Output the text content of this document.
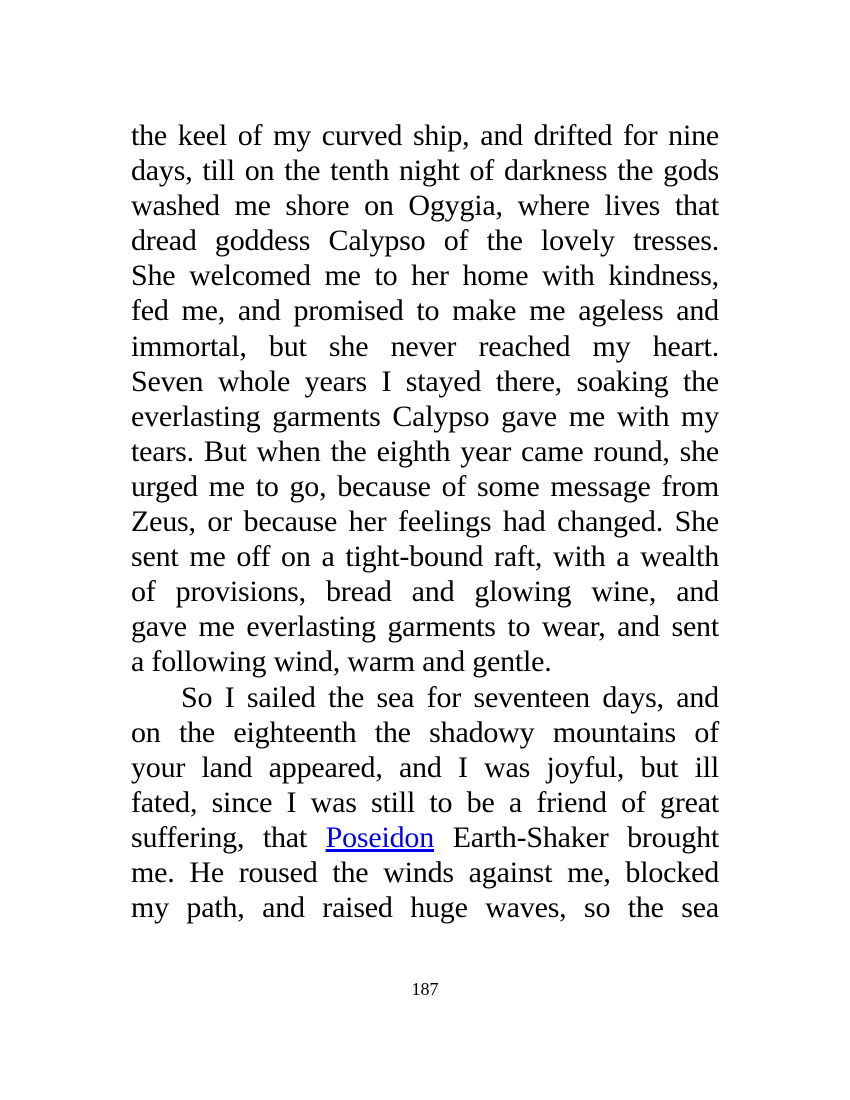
the keel of my curved ship, and drifted for nine
days, till on the tenth night of darkness the gods
washed me shore on Ogygia, where lives that
dread goddess Calypso of the lovely tresses.
She welcomed me to her home with kindness,
fed me, and promised to make me ageless and
immortal, but she never reached my heart.
Seven whole years I stayed there, soaking the
everlasting garments Calypso gave me with my
tears. But when the eighth year came round, she
urged me to go, because of some message from
Zeus, or because her feelings had changed. She
sent me off on a tight-bound raft, with a wealth
of provisions, bread and glowing wine, and
gave me everlasting garments to wear, and sent
a following wind, warm and gentle.
So I sailed the sea for seventeen days, and
on the eighteenth the shadowy mountains of
your land appeared, and I was joyful, but ill
fated, since I was still to be a friend of great
suffering, that Poseidon Earth-Shaker brought
me. He roused the winds against me, blocked
my path, and raised huge waves, so the sea
187
